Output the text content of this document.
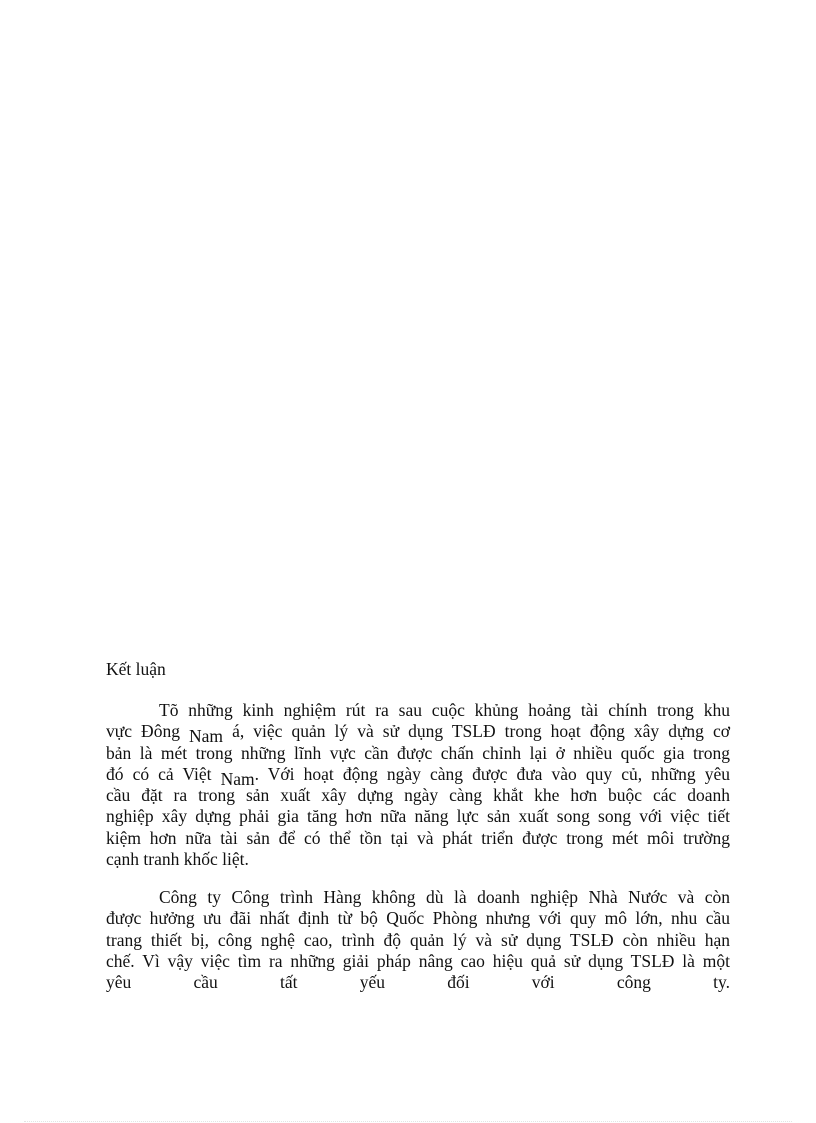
Kết luận

Tõ những kinh nghiệm rút ra sau cuộc khủng hoảng tài chính trong khu
vực Đông Nam á, việc quản lý và sử dụng TSLĐ trong hoạt động xây dựng cơ
bản là mét trong những lĩnh vực cần được chấn chỉnh lại ở nhiều quốc gia trong
đó có cả Việt Nam. Với hoạt động ngày càng được đưa vào quy củ, những yêu
cầu đặt ra trong sản xuất xây dựng ngày càng khắt khe hơn buộc các doanh
nghiệp xây dựng phải gia tăng hơn nữa năng lực sản xuất song song với việc tiết
kiệm hơn nữa tài sản để có thể tồn tại và phát triển được trong mét môi trường
cạnh tranh khốc liệt.
Công ty Công trình Hàng không dù là doanh nghiệp Nhà Nước và còn
được hưởng ưu đãi nhất định từ bộ Quốc Phòng nhưng với quy mô lớn, nhu cầu
trang thiết bị, công nghệ cao, trình độ quản lý và sử dụng TSLĐ còn nhiều hạn
chế. Vì vậy việc tìm ra những giải pháp nâng cao hiệu quả sử dụng TSLĐ là một
yêu cầu tất yếu đối với công ty.
